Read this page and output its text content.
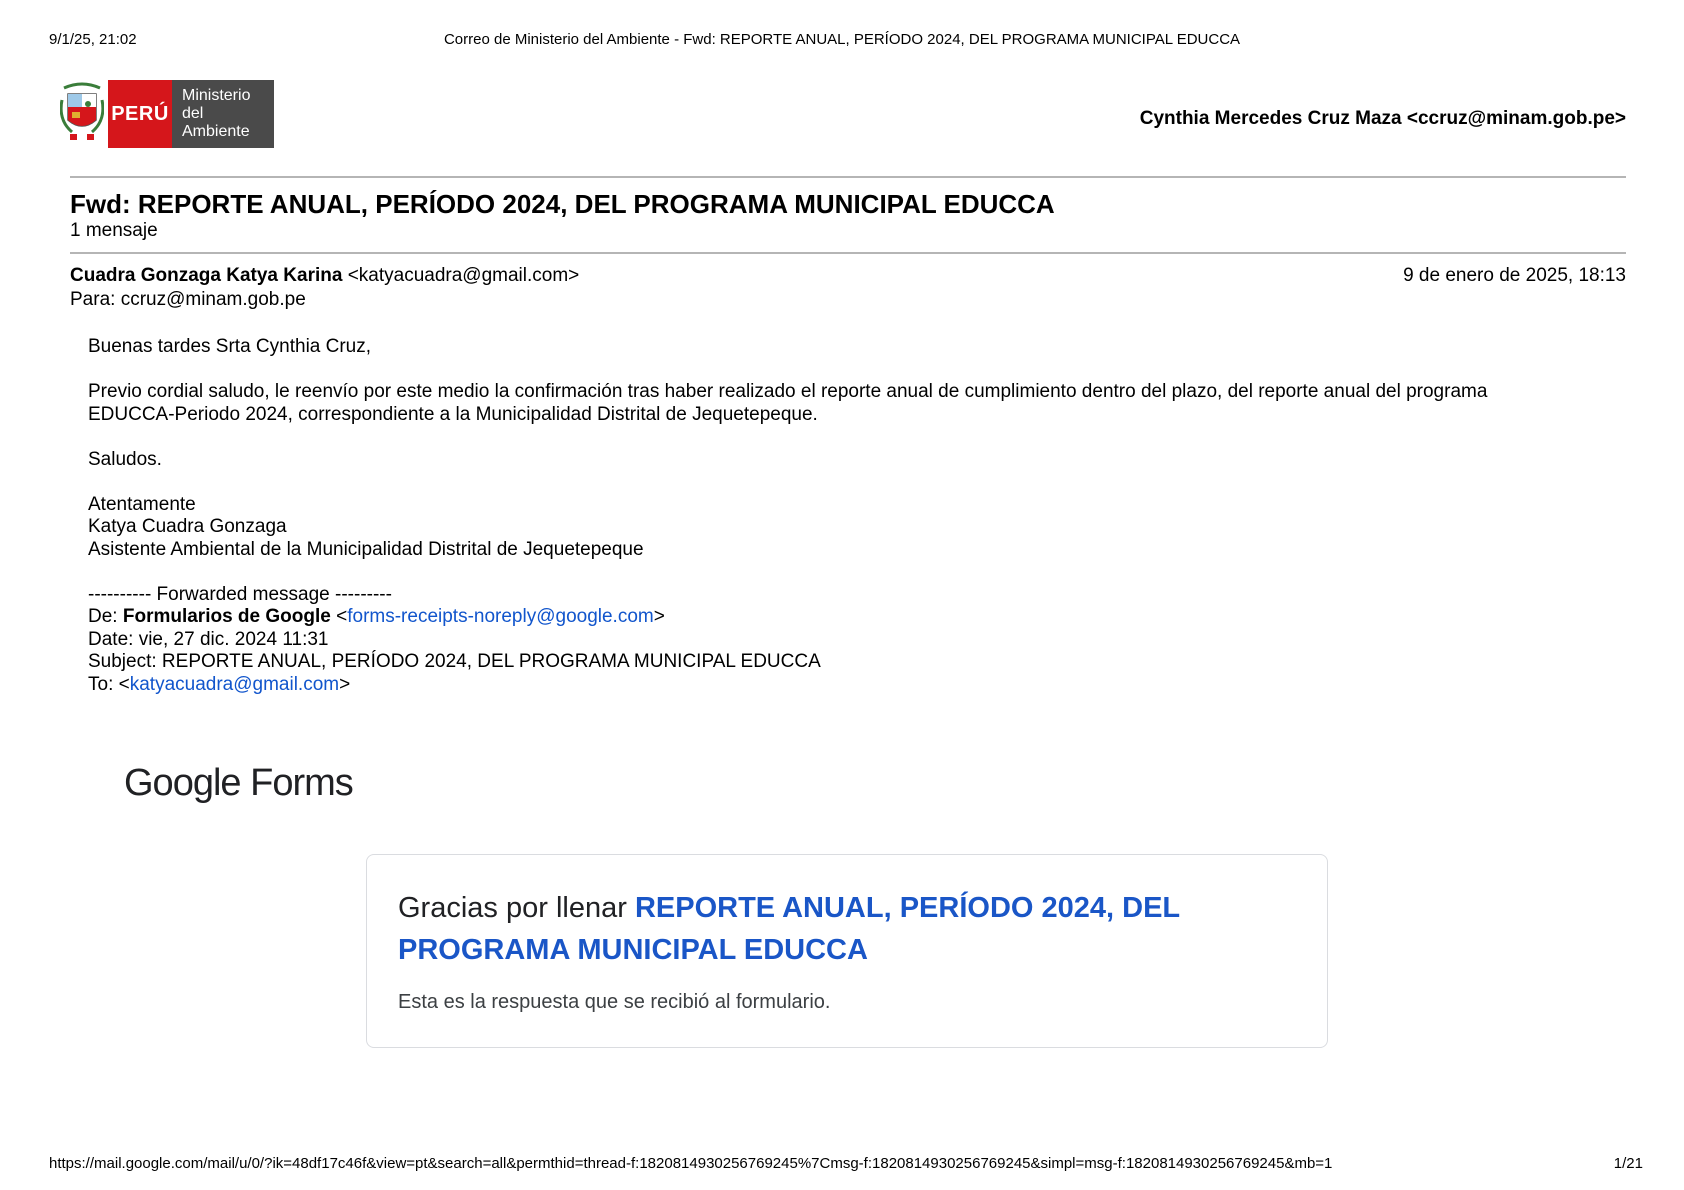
9/1/25, 21:02	Correo de Ministerio del Ambiente - Fwd: REPORTE ANUAL, PERÍODO 2024, DEL PROGRAMA MUNICIPAL EDUCCA
PERÚ
Ministerio
del Ambiente
Cynthia Mercedes Cruz Maza <ccruz@minam.gob.pe>
Fwd: REPORTE ANUAL, PERÍODO 2024, DEL PROGRAMA MUNICIPAL EDUCCA
1 mensaje
Cuadra Gonzaga Katya Karina <katyacuadra@gmail.com>	9 de enero de 2025, 18:13
Para: ccruz@minam.gob.pe
Buenas tardes Srta Cynthia Cruz,
Previo cordial saludo, le reenvío por este medio la confirmación tras haber realizado el reporte anual de cumplimiento dentro del plazo, del reporte anual del programa
EDUCCA-Periodo 2024, correspondiente a la Municipalidad Distrital de Jequetepeque.
Saludos.
Atentamente
Katya Cuadra Gonzaga
Asistente Ambiental de la Municipalidad Distrital de Jequetepeque
---------- Forwarded message ---------
De: Formularios de Google <forms-receipts-noreply@google.com>
Date: vie, 27 dic. 2024 11:31
Subject: REPORTE ANUAL, PERÍODO 2024, DEL PROGRAMA MUNICIPAL EDUCCA
To: <katyacuadra@gmail.com>
Google Forms
Gracias por llenar REPORTE ANUAL, PERÍODO 2024, DEL PROGRAMA MUNICIPAL EDUCCA
Esta es la respuesta que se recibió al formulario.
https://mail.google.com/mail/u/0/?ik=48df17c46f&view=pt&search=all&permthid=thread-f:1820814930256769245%7Cmsg-f:1820814930256769245&simpl=msg-f:1820814930256769245&mb=1	1/21
